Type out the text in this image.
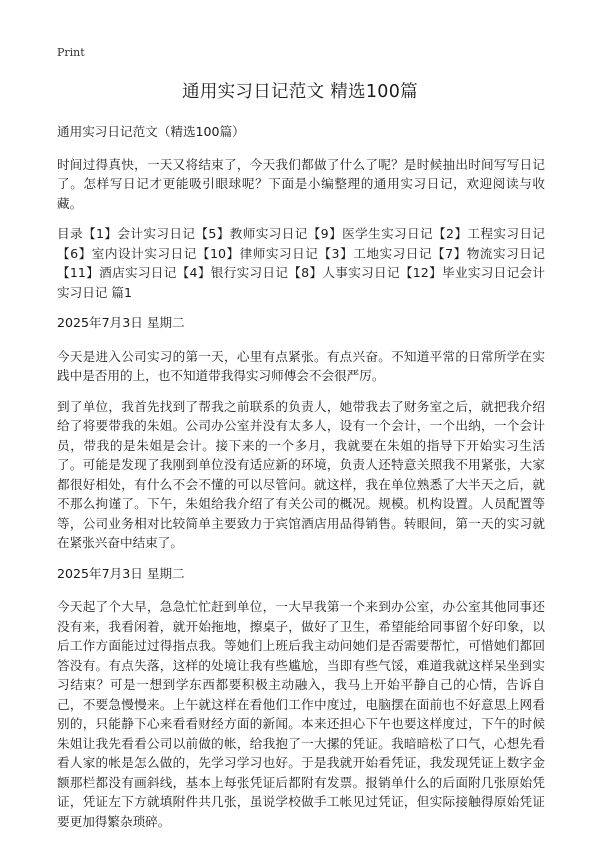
Print
通用实习日记范文 精选100篇

通用实习日记范文（精选100篇）

时间过得真快，一天又将结束了，今天我们都做了什么了呢？是时候抽出时间写写日记了。怎样写日记才更能吸引眼球呢？下面是小编整理的通用实习日记，欢迎阅读与收藏。

目录【1】会计实习日记【5】教师实习日记【9】医学生实习日记【2】工程实习日记【6】室内设计实习日记【10】律师实习日记【3】工地实习日记【7】物流实习日记【11】酒店实习日记【4】银行实习日记【8】人事实习日记【12】毕业实习日记会计实习日记 篇1

2025年7月3日 星期二

今天是进入公司实习的第一天，心里有点紧张。有点兴奋。不知道平常的日常所学在实践中是否用的上，也不知道带我得实习师傅会不会很严厉。

到了单位，我首先找到了帮我之前联系的负责人，她带我去了财务室之后，就把我介绍给了将要带我的朱姐。公司办公室并没有太多人，设有一个会计，一个出纳，一个会计员，带我的是朱姐是会计。接下来的一个多月，我就要在朱姐的指导下开始实习生活了。可能是发现了我刚到单位没有适应新的环境，负责人还特意关照我不用紧张，大家都很好相处，有什么不会不懂的可以尽管问。就这样，我在单位熟悉了大半天之后，就不那么拘谨了。下午，朱姐给我介绍了有关公司的概况。规模。机构设置。人员配置等等，公司业务相对比较简单主要致力于宾馆酒店用品得销售。转眼间，第一天的实习就在紧张兴奋中结束了。

2025年7月3日 星期二

今天起了个大早，急急忙忙赶到单位，一大早我第一个来到办公室，办公室其他同事还没有来，我看闲着，就开始拖地，擦桌子，做好了卫生，希望能给同事留个好印象，以后工作方面能过过得指点我。等她们上班后我主动问她们是否需要帮忙，可惜她们都回答没有。有点失落，这样的处境让我有些尴尬，当即有些气馁，难道我就这样呆坐到实习结束？可是一想到学东西都要积极主动融入，我马上开始平静自己的心情，告诉自己，不要急慢慢来。上午就这样在看他们工作中度过，电脑摆在面前也不好意思上网看别的，只能静下心来看看财经方面的新闻。本来还担心下午也要这样度过，下午的时候朱姐让我先看看公司以前做的帐，给我抱了一大摞的凭证。我暗暗松了口气，心想先看看人家的帐是怎么做的，先学习学习也好。于是我就开始看凭证，我发现凭证上数字金额那栏都没有画斜线，基本上每张凭证后都附有发票。报销单什么的后面附几张原始凭证，凭证左下方就填附件共几张，虽说学校做手工帐见过凭证，但实际接触得原始凭证要更加得繁杂琐碎。
